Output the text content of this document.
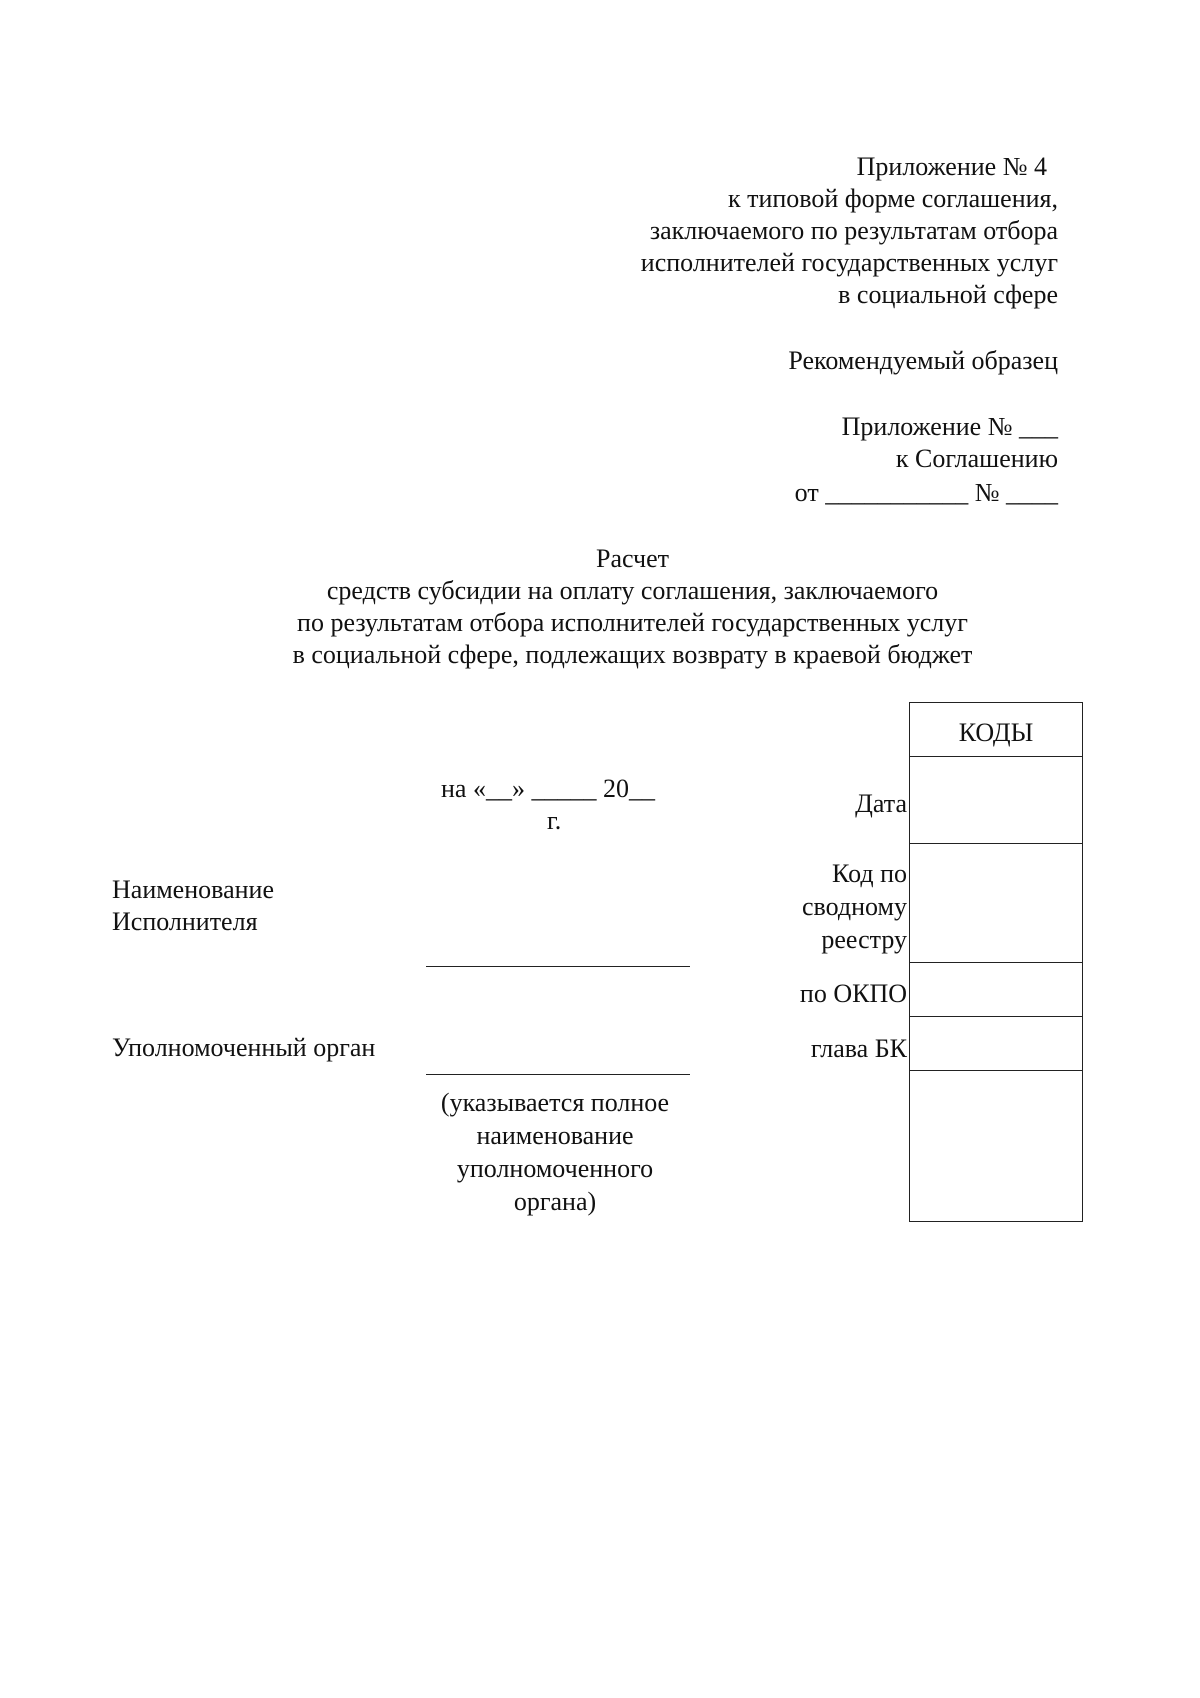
Приложение № 4
к типовой форме соглашения,
заключаемого по результатам отбора
исполнителей государственных услуг
в социальной сфере
Рекомендуемый образец
Приложение № ___
к Соглашению
от ___________ № ____
Расчет
средств субсидии на оплату соглашения, заключаемого
по результатам отбора исполнителей государственных услуг
в социальной сфере, подлежащих возврату в краевой бюджет
на «__» _____ 20__
г.
Наименование
Исполнителя
Уполномоченный орган
(указывается полное наименование уполномоченного органа)
Дата
Код по
сводному
реестру
по ОКПО
глава БК
КОДЫ
